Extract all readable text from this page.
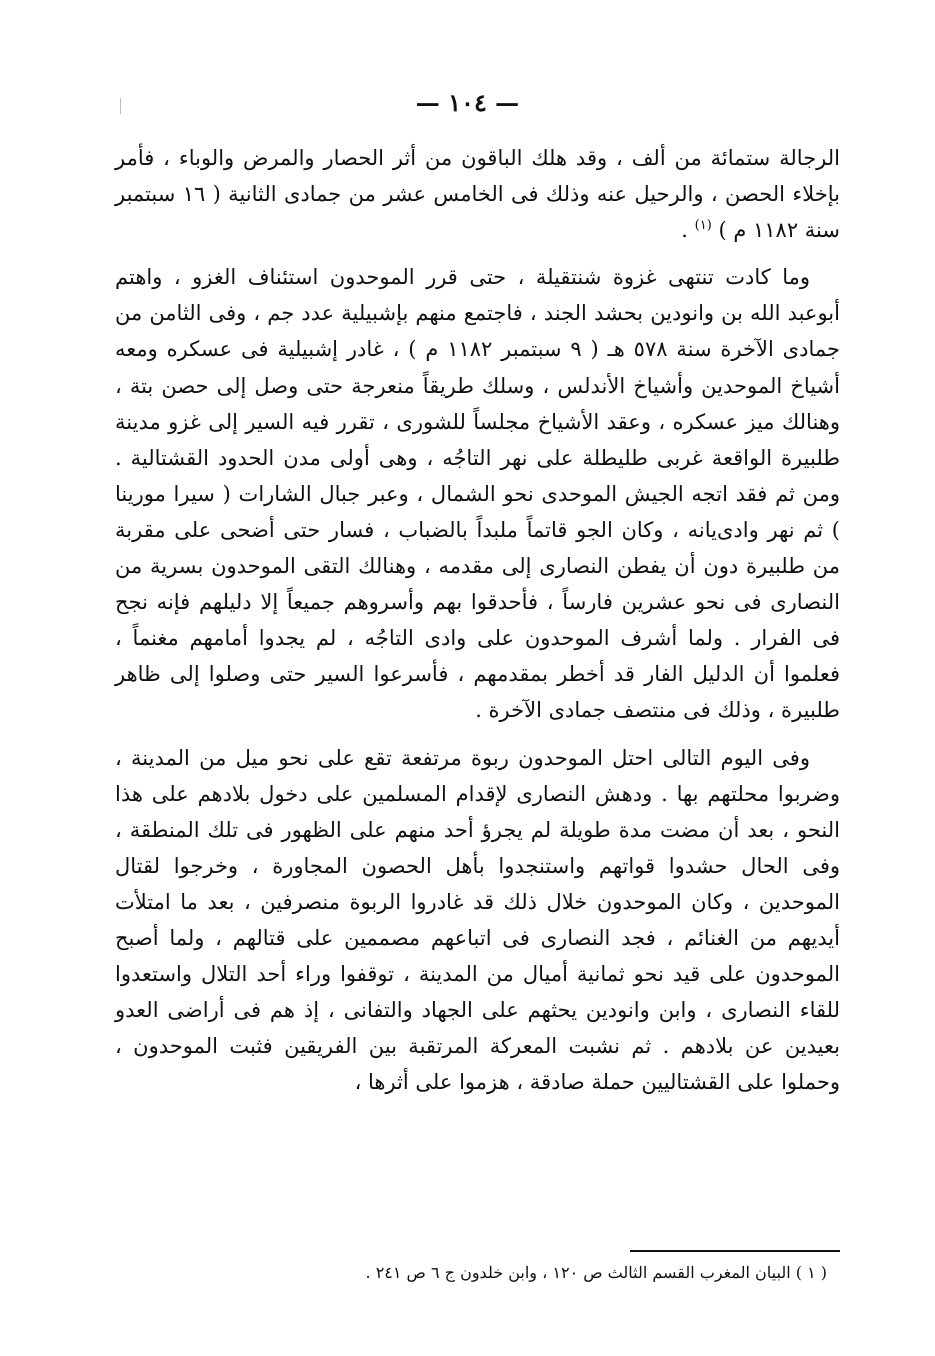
— ١٠٤ —

الرجالة ستمائة من ألف ، وقد هلك الباقون من أثر الحصار والمرض والوباء ، فأمر بإخلاء الحصن ، والرحيل عنه وذلك فى الخامس عشر من جمادى الثانية ( ١٦ سبتمبر سنة ١١٨٢ م ) $^{(١)}$ .

وما كادت تنتهى غزوة شنتقيلة ، حتى قرر الموحدون استئناف الغزو ، واهتم أبوعبد الله بن وانودين بحشد الجند ، فاجتمع منهم بإشبيلية عدد جم ، وفى الثامن من جمادى الآخرة سنة ٥٧٨ هـ ( ٩ سبتمبر ١١٨٢ م ) ، غادر إشبيلية فى عسكره ومعه أشياخ الموحدين وأشياخ الأندلس ، وسلك طريقاً منعرجة حتى وصل إلى حصن بتة ، وهنالك ميز عسكره ، وعقد الأشياخ مجلساً للشورى ، تقرر فيه السير إلى غزو مدينة طلبيرة الواقعة غربى طليطلة على نهر التاجُه ، وهى أولى مدن الحدود القشتالية . ومن ثم فقد اتجه الجيش الموحدى نحو الشمال ، وعبر جبال الشارات ( سيرا مورينا ) ثم نهر وادى‌يانه ، وكان الجو قاتماً ملبداً بالضباب ، فسار حتى أضحى على مقربة من طلبيرة دون أن يفطن النصارى إلى مقدمه ، وهنالك التقى الموحدون بسرية من النصارى فى نحو عشرين فارساً ، فأحدقوا بهم وأسروهم جميعاً إلا دليلهم فإنه نجح فى الفرار . ولما أشرف الموحدون على وادى التاجُه ، لم يجدوا أمامهم مغنماً ، فعلموا أن الدليل الفار قد أخطر بمقدمهم ، فأسرعوا السير حتى وصلوا إلى ظاهر طلبيرة ، وذلك فى منتصف جمادى الآخرة .

وفى اليوم التالى احتل الموحدون ربوة مرتفعة تقع على نحو ميل من المدينة ، وضربوا محلتهم بها . ودهش النصارى لإقدام المسلمين على دخول بلادهم على هذا النحو ، بعد أن مضت مدة طويلة لم يجرؤ أحد منهم على الظهور فى تلك المنطقة ، وفى الحال حشدوا قواتهم واستنجدوا بأهل الحصون المجاورة ، وخرجوا لقتال الموحدين ، وكان الموحدون خلال ذلك قد غادروا الربوة منصرفين ، بعد ما امتلأت أيديهم من الغنائم ، فجد النصارى فى اتباعهم مصممين على قتالهم ، ولما أصبح الموحدون على قيد نحو ثمانية أميال من المدينة ، توقفوا وراء أحد التلال واستعدوا للقاء النصارى ، وابن وانودين يحثهم على الجهاد والتفانى ، إذ هم فى أراضى العدو بعيدين عن بلادهم . ثم نشبت المعركة المرتقبة بين الفريقين فثبت الموحدون ، وحملوا على القشتاليين حملة صادقة ، هزموا على أثرها ،

( ١ ) البيان المغرب القسم الثالث ص ١٢٠ ، وابن خلدون ج ٦ ص ٢٤١ .
